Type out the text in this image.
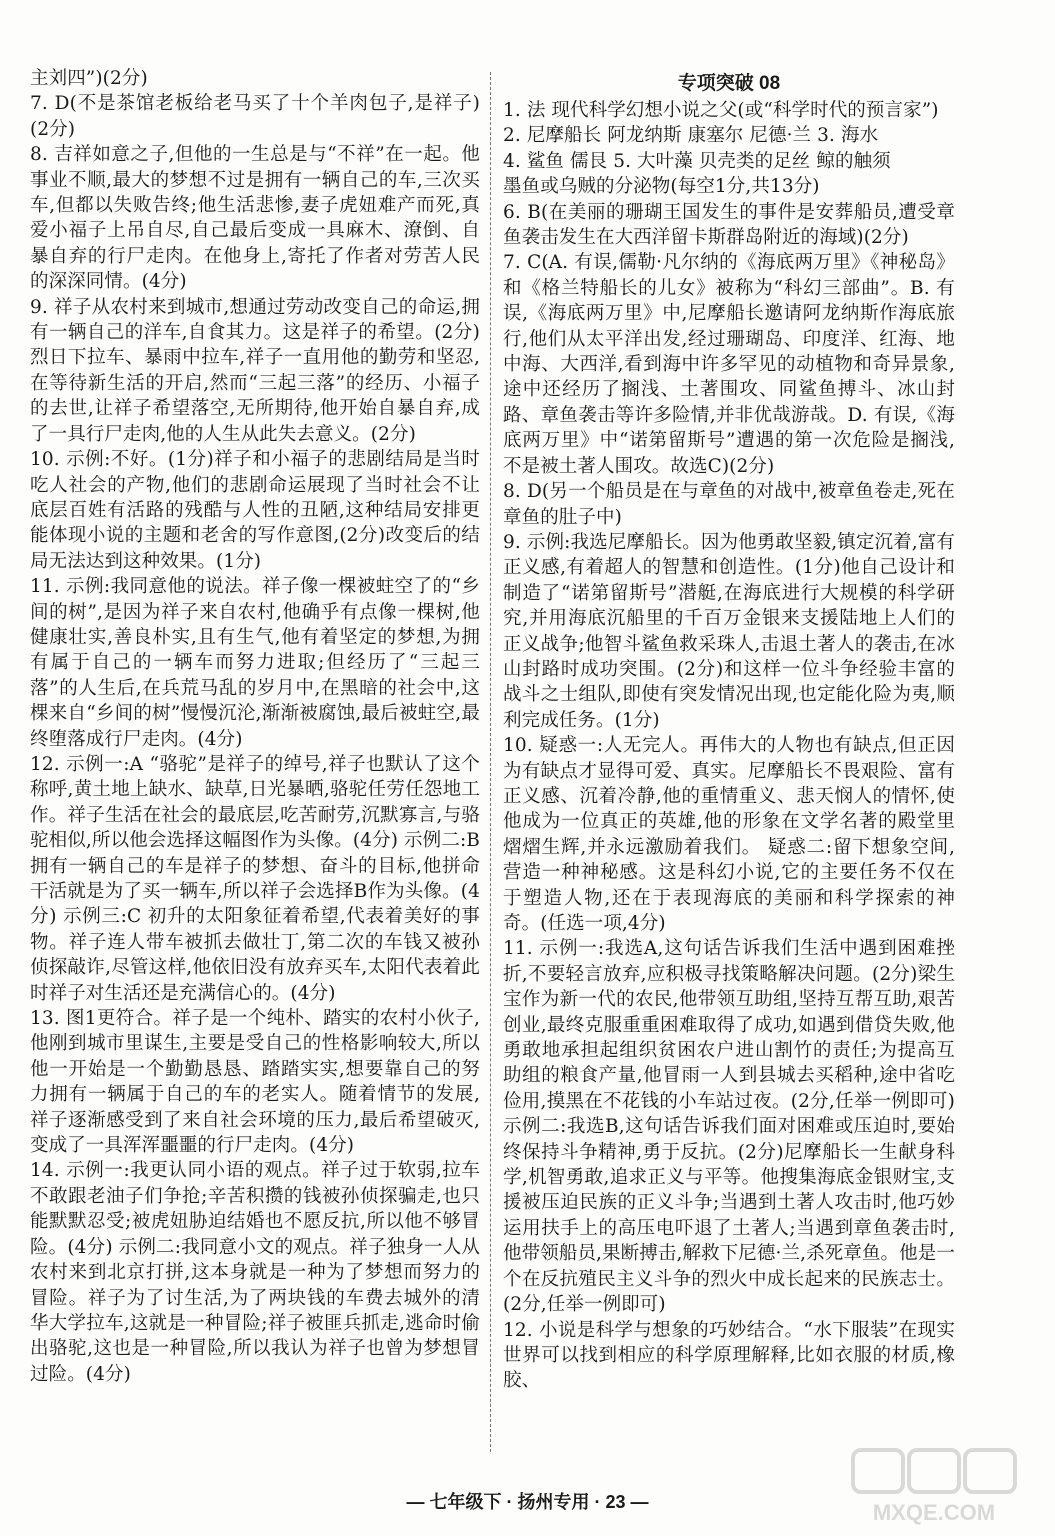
主刘四”)(2分)

7. D(不是茶馆老板给老马买了十个羊肉包子,是祥子)(2分)

8. 吉祥如意之子,但他的一生总是与“不祥”在一起。他事业不顺,最大的梦想不过是拥有一辆自己的车,三次买车,但都以失败告终;他生活悲惨,妻子虎妞难产而死,真爱小福子上吊自尽,自己最后变成一具麻木、潦倒、自暴自弃的行尸走肉。在他身上,寄托了作者对劳苦人民的深深同情。(4分)

9. 祥子从农村来到城市,想通过劳动改变自己的命运,拥有一辆自己的洋车,自食其力。这是祥子的希望。(2分)烈日下拉车、暴雨中拉车,祥子一直用他的勤劳和坚忍,在等待新生活的开启,然而“三起三落”的经历、小福子的去世,让祥子希望落空,无所期待,他开始自暴自弃,成了一具行尸走肉,他的人生从此失去意义。(2分)

10. 示例:不好。(1分)祥子和小福子的悲剧结局是当时吃人社会的产物,他们的悲剧命运展现了当时社会不让底层百姓有活路的残酷与人性的丑陋,这种结局安排更能体现小说的主题和老舍的写作意图,(2分)改变后的结局无法达到这种效果。(1分)

11. 示例:我同意他的说法。祥子像一棵被蛀空了的“乡间的树”,是因为祥子来自农村,他确乎有点像一棵树,他健康壮实,善良朴实,且有生气,他有着坚定的梦想,为拥有属于自己的一辆车而努力进取;但经历了“三起三落”的人生后,在兵荒马乱的岁月中,在黑暗的社会中,这棵来自“乡间的树”慢慢沉沦,渐渐被腐蚀,最后被蛀空,最终堕落成行尸走肉。(4分)

12. 示例一:A “骆驼”是祥子的绰号,祥子也默认了这个称呼,黄土地上缺水、缺草,日光暴晒,骆驼任劳任怨地工作。祥子生活在社会的最底层,吃苦耐劳,沉默寡言,与骆驼相似,所以他会选择这幅图作为头像。(4分) 示例二:B 拥有一辆自己的车是祥子的梦想、奋斗的目标,他拼命干活就是为了买一辆车,所以祥子会选择B作为头像。(4分) 示例三:C 初升的太阳象征着希望,代表着美好的事物。祥子连人带车被抓去做壮丁,第二次的车钱又被孙侦探敲诈,尽管这样,他依旧没有放弃买车,太阳代表着此时祥子对生活还是充满信心的。(4分)

13. 图1更符合。祥子是一个纯朴、踏实的农村小伙子,他刚到城市里谋生,主要是受自己的性格影响较大,所以他一开始是一个勤勤恳恳、踏踏实实,想要靠自己的努力拥有一辆属于自己的车的老实人。随着情节的发展,祥子逐渐感受到了来自社会环境的压力,最后希望破灭,变成了一具浑浑噩噩的行尸走肉。(4分)

14. 示例一:我更认同小语的观点。祥子过于软弱,拉车不敢跟老油子们争抢;辛苦积攒的钱被孙侦探骗走,也只能默默忍受;被虎妞胁迫结婚也不愿反抗,所以他不够冒险。(4分) 示例二:我同意小文的观点。祥子独身一人从农村来到北京打拼,这本身就是一种为了梦想而努力的冒险。祥子为了讨生活,为了两块钱的车费去城外的清华大学拉车,这就是一种冒险;祥子被匪兵抓走,逃命时偷出骆驼,这也是一种冒险,所以我认为祥子也曾为梦想冒过险。(4分)

专项突破 08

1. 法 现代科学幻想小说之父(或“科学时代的预言家”)

2. 尼摩船长 阿龙纳斯 康塞尔 尼德·兰 3. 海水

4. 鲨鱼 儒艮 5. 大叶藻 贝壳类的足丝 鲸的触须

墨鱼或乌贼的分泌物(每空1分,共13分)

6. B(在美丽的珊瑚王国发生的事件是安葬船员,遭受章鱼袭击发生在大西洋留卡斯群岛附近的海域)(2分)

7. C(A. 有误,儒勒·凡尔纳的《海底两万里》《神秘岛》和《格兰特船长的儿女》被称为“科幻三部曲”。B. 有误,《海底两万里》中,尼摩船长邀请阿龙纳斯作海底旅行,他们从太平洋出发,经过珊瑚岛、印度洋、红海、地中海、大西洋,看到海中许多罕见的动植物和奇异景象,途中还经历了搁浅、土著围攻、同鲨鱼搏斗、冰山封路、章鱼袭击等许多险情,并非优哉游哉。D. 有误,《海底两万里》中“诺第留斯号”遭遇的第一次危险是搁浅,不是被土著人围攻。故选C)(2分)

8. D(另一个船员是在与章鱼的对战中,被章鱼卷走,死在章鱼的肚子中)

9. 示例:我选尼摩船长。因为他勇敢坚毅,镇定沉着,富有正义感,有着超人的智慧和创造性。(1分)他自己设计和制造了“诺第留斯号”潜艇,在海底进行大规模的科学研究,并用海底沉船里的千百万金银来支援陆地上人们的正义战争;他智斗鲨鱼救采珠人,击退土著人的袭击,在冰山封路时成功突围。(2分)和这样一位斗争经验丰富的战斗之士组队,即使有突发情况出现,也定能化险为夷,顺利完成任务。(1分)

10. 疑惑一:人无完人。再伟大的人物也有缺点,但正因为有缺点才显得可爱、真实。尼摩船长不畏艰险、富有正义感、沉着冷静,他的重情重义、悲天悯人的情怀,使他成为一位真正的英雄,他的形象在文学名著的殿堂里熠熠生辉,并永远激励着我们。 疑惑二:留下想象空间,营造一种神秘感。这是科幻小说,它的主要任务不仅在于塑造人物,还在于表现海底的美丽和科学探索的神奇。(任选一项,4分)

11. 示例一:我选A,这句话告诉我们生活中遇到困难挫折,不要轻言放弃,应积极寻找策略解决问题。(2分)梁生宝作为新一代的农民,他带领互助组,坚持互帮互助,艰苦创业,最终克服重重困难取得了成功,如遇到借贷失败,他勇敢地承担起组织贫困农户进山割竹的责任;为提高互助组的粮食产量,他冒雨一人到县城去买稻种,途中省吃俭用,摸黑在不花钱的小车站过夜。(2分,任举一例即可) 示例二:我选B,这句话告诉我们面对困难或压迫时,要始终保持斗争精神,勇于反抗。(2分)尼摩船长一生献身科学,机智勇敢,追求正义与平等。他搜集海底金银财宝,支援被压迫民族的正义斗争;当遇到土著人攻击时,他巧妙运用扶手上的高压电吓退了土著人;当遇到章鱼袭击时,他带领船员,果断搏击,解救下尼德·兰,杀死章鱼。他是一个在反抗殖民主义斗争的烈火中成长起来的民族志士。(2分,任举一例即可)

12. 小说是科学与想象的巧妙结合。“水下服装”在现实世界可以找到相应的科学原理解释,比如衣服的材质,橡胶、

— 七年级下 · 扬州专用 · 23 —	MXQE.COM
